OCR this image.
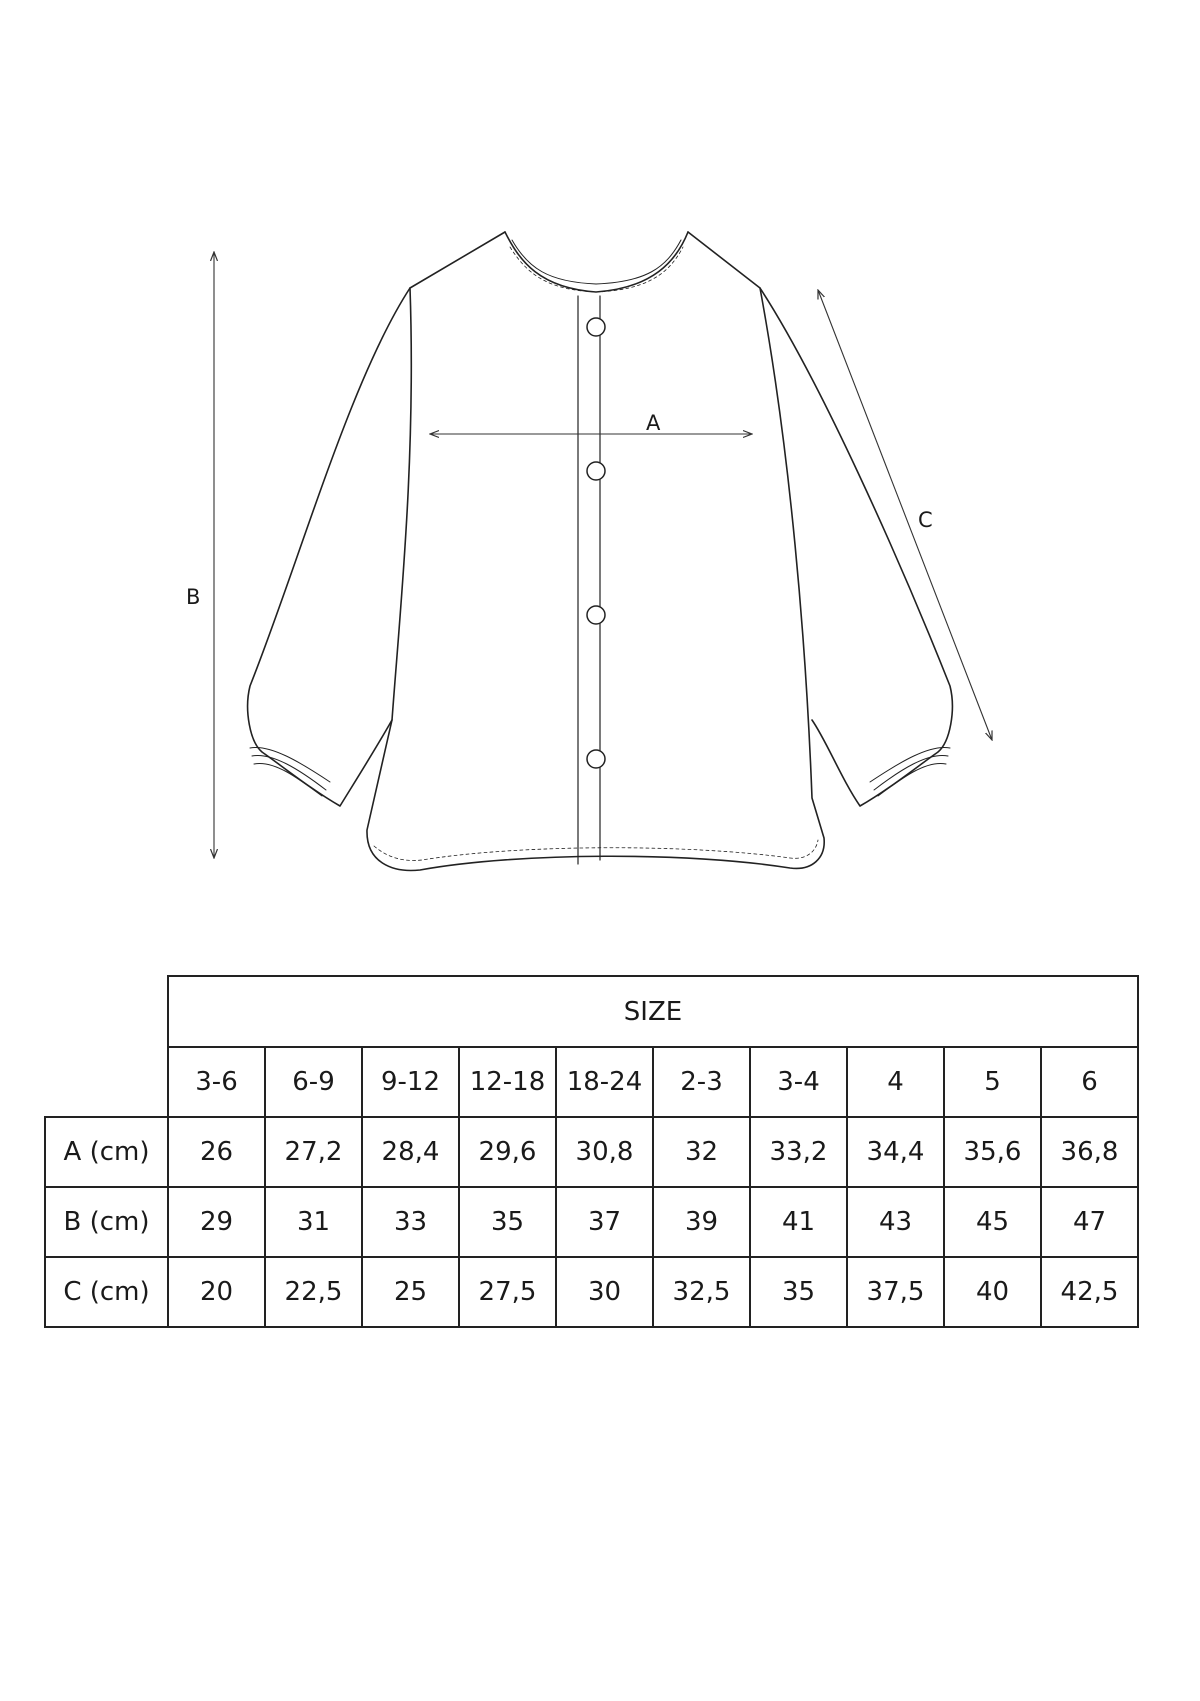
A
B
C
	SIZE									
	3-6	6-9	9-12	12-18	18-24	2-3	3-4	4	5	6
A (cm)	26	27,2	28,4	29,6	30,8	32	33,2	34,4	35,6	36,8
B (cm)	29	31	33	35	37	39	41	43	45	47
C (cm)	20	22,5	25	27,5	30	32,5	35	37,5	40	42,5
